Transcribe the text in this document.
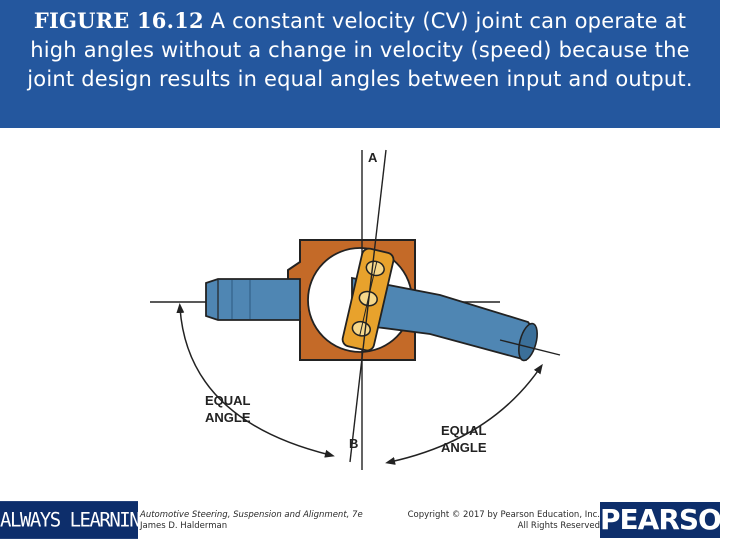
FIGURE 16.12 A constant velocity (CV) joint can operate at high angles without a change in velocity (speed) because the joint design results in equal angles between input and output.
A
B
EQUAL
ANGLE
EQUAL
ANGLE
ALWAYS LEARNING
Automotive Steering, Suspension and Alignment, 7e
James D. Halderman
Copyright © 2017 by Pearson Education, Inc.
All Rights Reserved PEARSON
